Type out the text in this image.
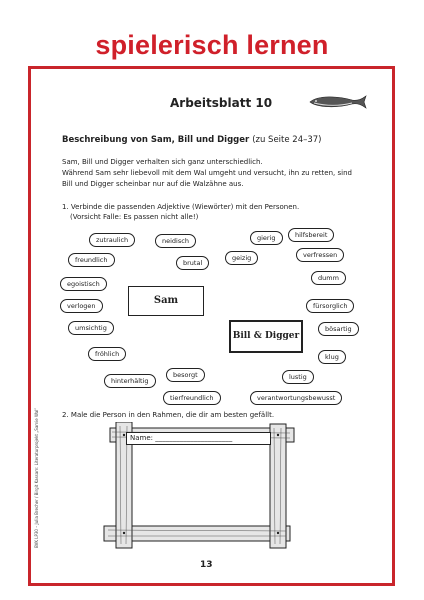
spielerisch lernen
Arbeitsblatt 10
Beschreibung von Sam, Bill und Digger (zu Seite 24–37)
Sam, Bill und Digger verhalten sich ganz unterschiedlich.
Während Sam sehr liebevoll mit dem Wal umgeht und versucht, ihn zu retten, sind
Bill und Digger scheinbar nur auf die Walzähne aus.
1. Verbinde die passenden Adjektive (Wiewörter) mit den Personen.
(Vorsicht Falle: Es passen nicht alle!)
zutraulich	neidisch	gierig	hilfsbereit
freundlich	brutal
geizig	verfressen
dumm
egoistisch
verlogen	fürsorglich
umsichtig	bösartig
fröhlich	klug
besorgt	lustig
hinterhältig
tierfreundlich	verantwortungsbewusst
Sam
Bill & Digger
2. Male die Person in den Rahmen, die dir am besten gefällt.
Name: ______________________
13
BVK LP30 – Julia Brecher / Birgit Kassam: Literaturprojekt „Samie Wal“
